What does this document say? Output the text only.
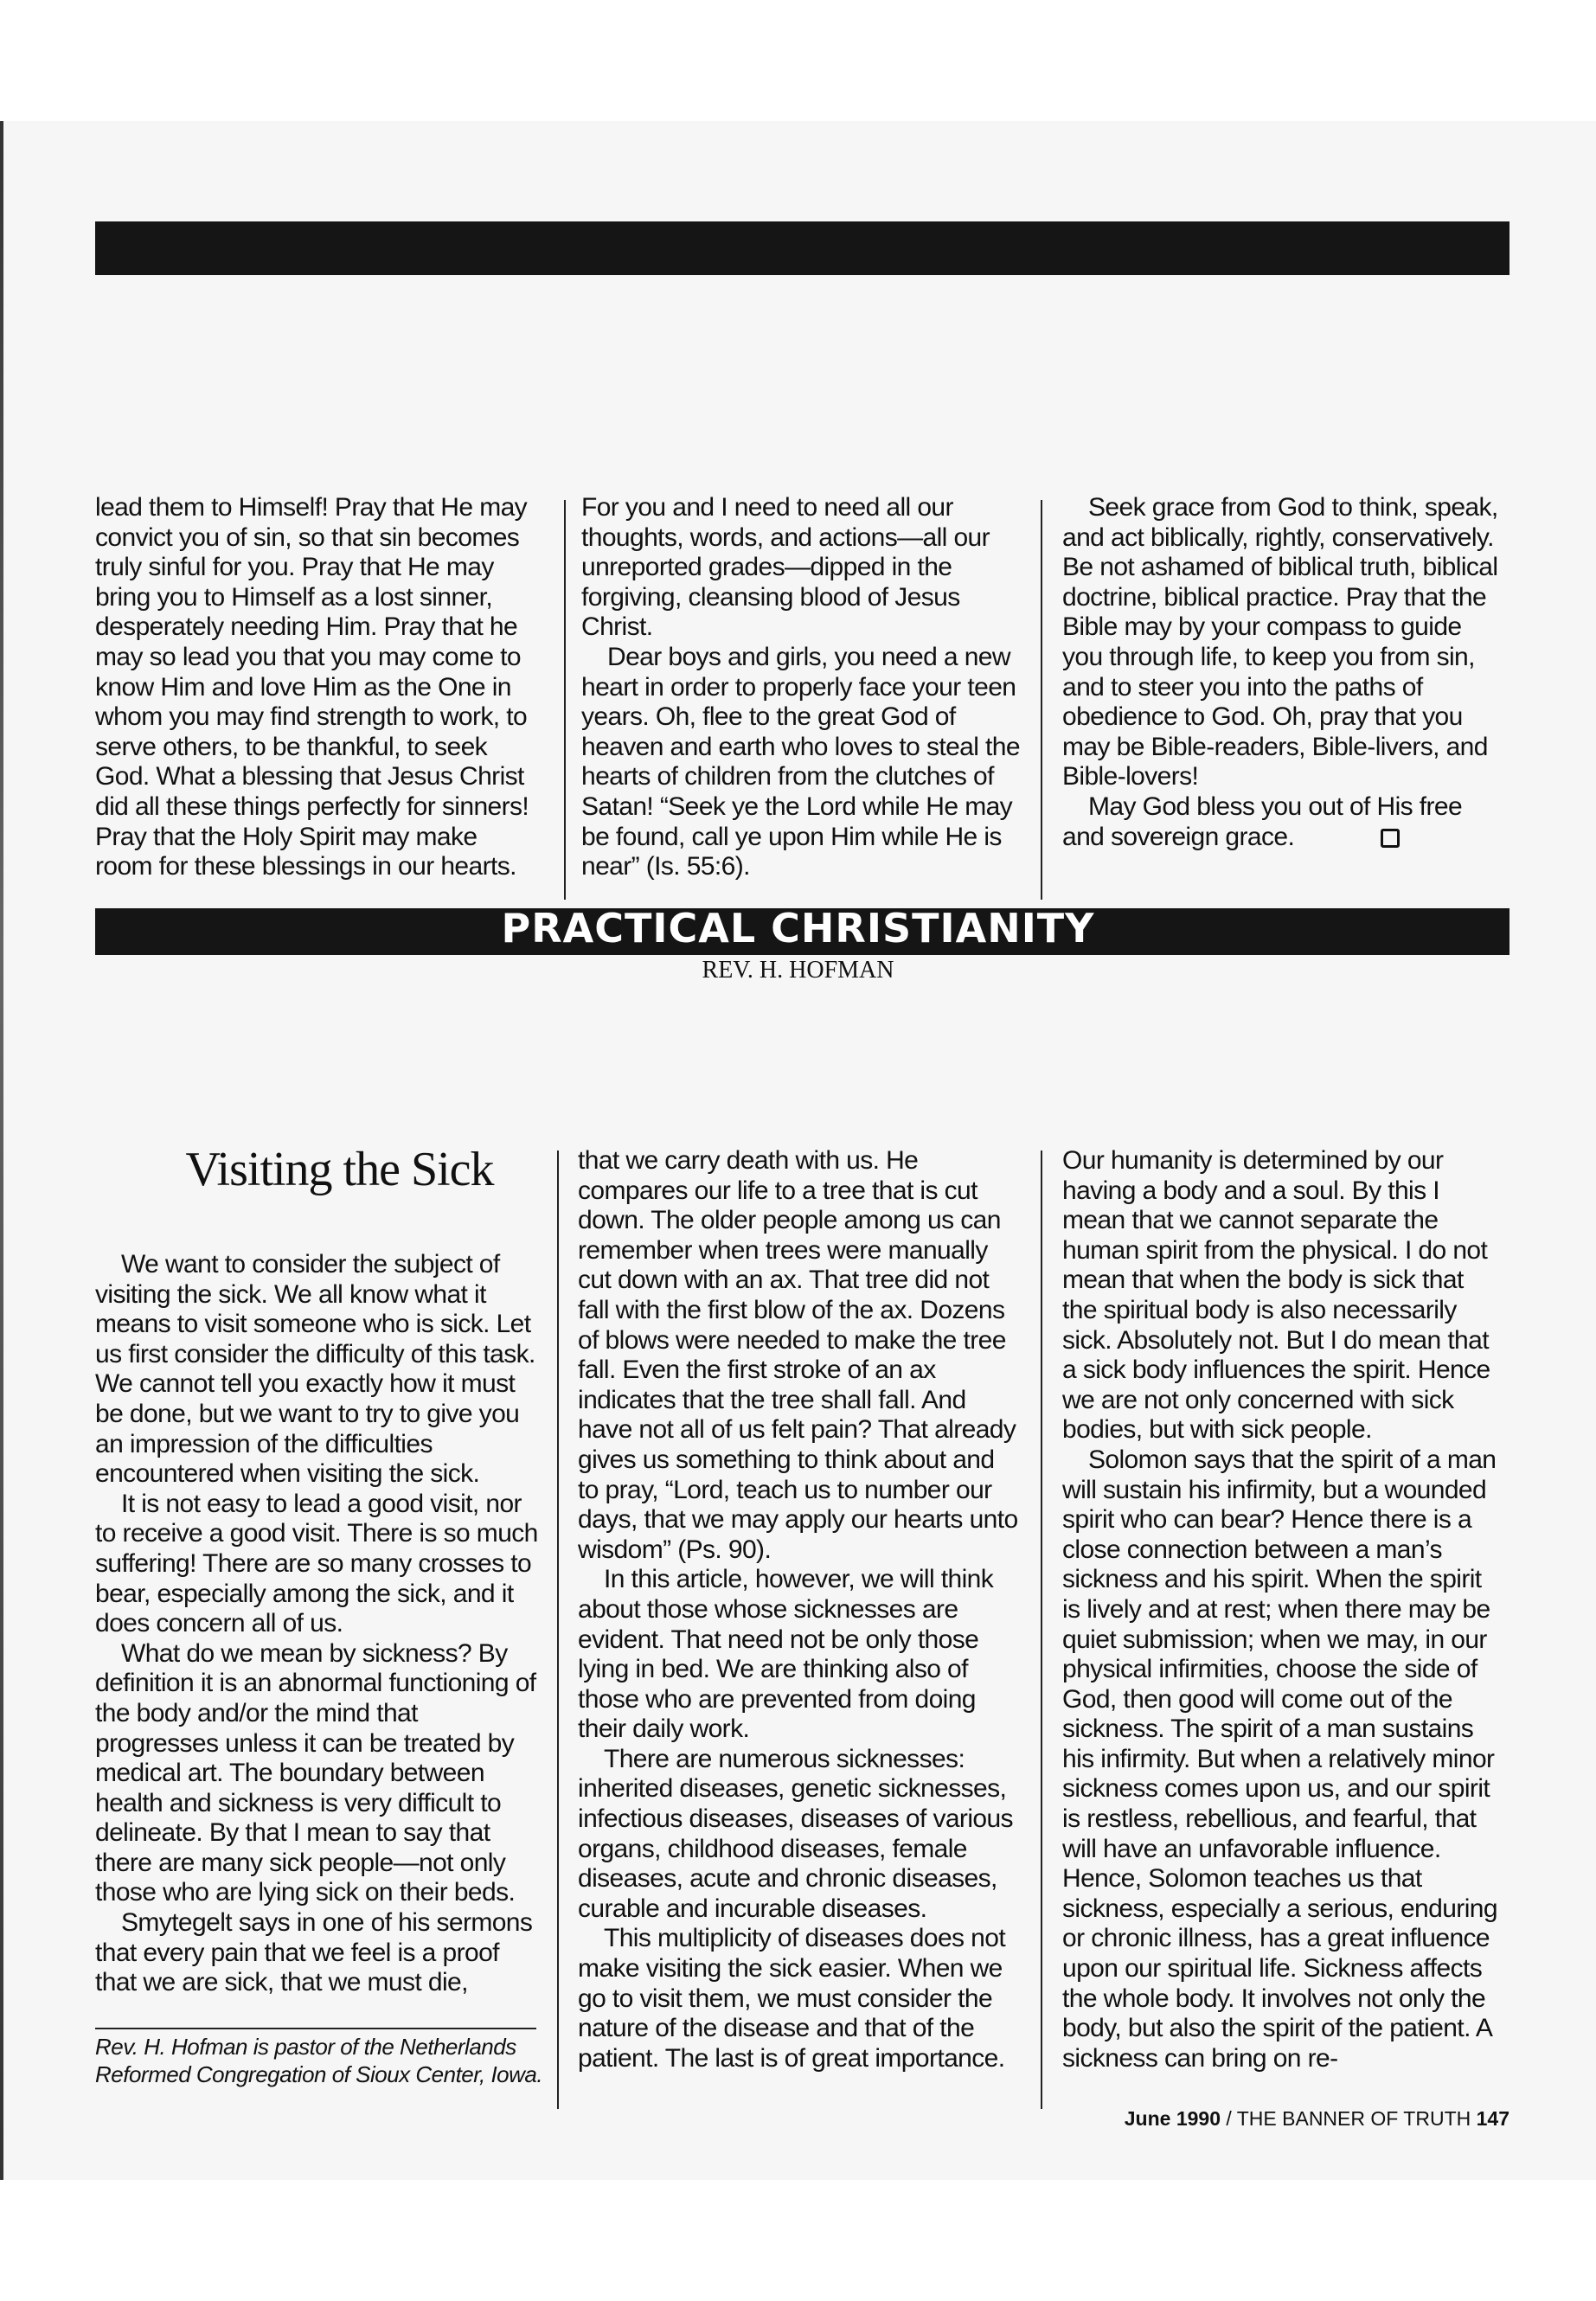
lead them to Himself! Pray that He may convict you of sin, so that sin becomes truly sinful for you. Pray that He may bring you to Himself as a lost sinner, desperately needing Him. Pray that he may so lead you that you may come to know Him and love Him as the One in whom you may find strength to work, to serve others, to be thankful, to seek God. What a blessing that Jesus Christ did all these things perfectly for sinners! Pray that the Holy Spirit may make room for these blessings in our hearts.

For you and I need to need all our thoughts, words, and actions—all our unreported grades—dipped in the forgiving, cleansing blood of Jesus Christ.

Dear boys and girls, you need a new heart in order to properly face your teen years. Oh, flee to the great God of heaven and earth who loves to steal the hearts of children from the clutches of Satan! “Seek ye the Lord while He may be found, call ye upon Him while He is near” (Is. 55:6).

Seek grace from God to think, speak, and act biblically, rightly, conservatively. Be not ashamed of biblical truth, biblical doctrine, biblical practice. Pray that the Bible may by your compass to guide you through life, to keep you from sin, and to steer you into the paths of obedience to God. Oh, pray that you may be Bible-readers, Bible-livers, and Bible-lovers!

May God bless you out of His free and sovereign grace.

PRACTICAL CHRISTIANITY
REV. H. HOFMAN
Visiting the Sick

We want to consider the subject of visiting the sick. We all know what it means to visit someone who is sick. Let us first consider the difficulty of this task. We cannot tell you exactly how it must be done, but we want to try to give you an impression of the difficulties encountered when visiting the sick.

It is not easy to lead a good visit, nor to receive a good visit. There is so much suffering! There are so many crosses to bear, especially among the sick, and it does concern all of us.

What do we mean by sickness? By definition it is an abnormal functioning of the body and/or the mind that progresses unless it can be treated by medical art. The boundary between health and sickness is very difficult to delineate. By that I mean to say that there are many sick people—not only those who are lying sick on their beds.

Smytegelt says in one of his sermons that every pain that we feel is a proof that we are sick, that we must die,

Rev. H. Hofman is pastor of the Netherlands Reformed Congregation of Sioux Center, Iowa.

that we carry death with us. He compares our life to a tree that is cut down. The older people among us can remember when trees were manually cut down with an ax. That tree did not fall with the first blow of the ax. Dozens of blows were needed to make the tree fall. Even the first stroke of an ax indicates that the tree shall fall. And have not all of us felt pain? That already gives us something to think about and to pray, “Lord, teach us to number our days, that we may apply our hearts unto wisdom” (Ps. 90).

In this article, however, we will think about those whose sicknesses are evident. That need not be only those lying in bed. We are thinking also of those who are prevented from doing their daily work.

There are numerous sicknesses: inherited diseases, genetic sicknesses, infectious diseases, diseases of various organs, childhood diseases, female diseases, acute and chronic diseases, curable and incurable diseases.

This multiplicity of diseases does not make visiting the sick easier. When we go to visit them, we must consider the nature of the disease and that of the patient. The last is of great importance.

Our humanity is determined by our having a body and a soul. By this I mean that we cannot separate the human spirit from the physical. I do not mean that when the body is sick that the spiritual body is also necessarily sick. Absolutely not. But I do mean that a sick body influences the spirit. Hence we are not only concerned with sick bodies, but with sick people.

Solomon says that the spirit of a man will sustain his infirmity, but a wounded spirit who can bear? Hence there is a close connection between a man’s sickness and his spirit. When the spirit is lively and at rest; when there may be quiet submission; when we may, in our physical infirmities, choose the side of God, then good will come out of the sickness. The spirit of a man sustains his infirmity. But when a relatively minor sickness comes upon us, and our spirit is restless, rebellious, and fearful, that will have an unfavorable influence. Hence, Solomon teaches us that sickness, especially a serious, enduring or chronic illness, has a great influence upon our spiritual life. Sickness affects the whole body. It involves not only the body, but also the spirit of the patient. A sickness can bring on re-

June 1990 / THE BANNER OF TRUTH 147
